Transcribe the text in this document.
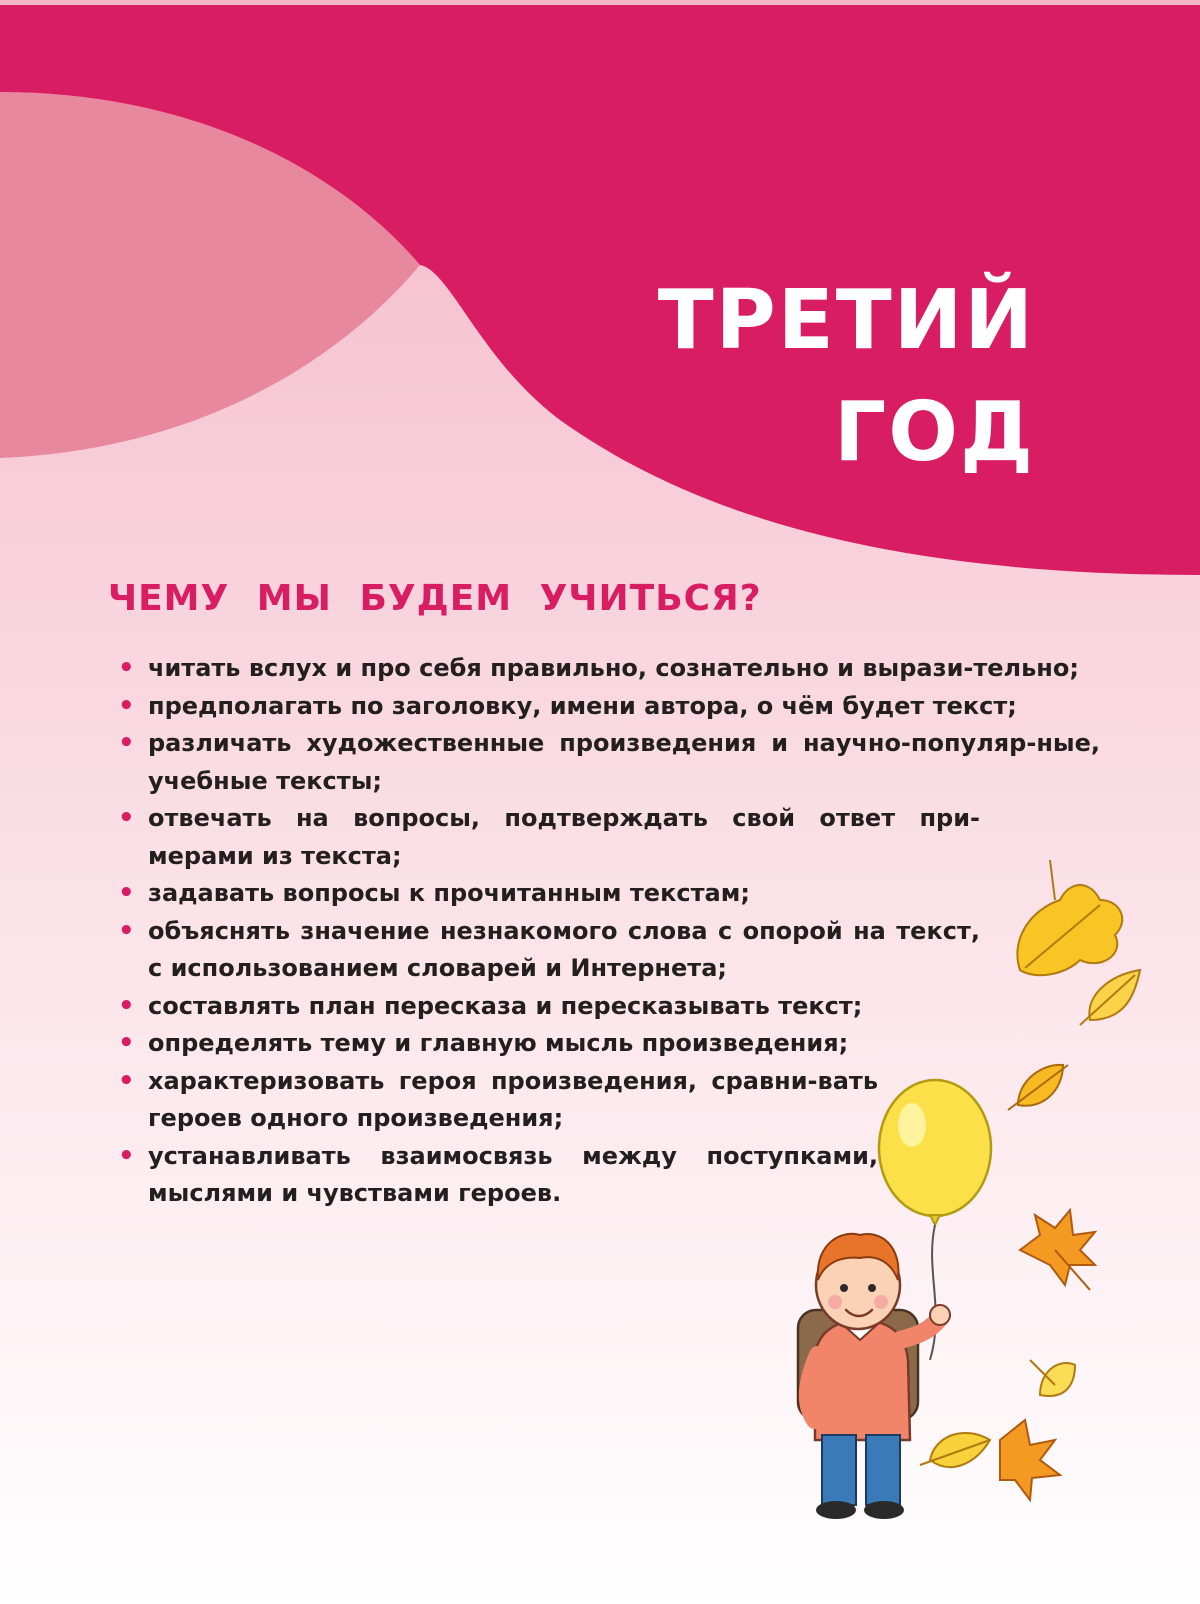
ТРЕТИЙ
ГОД
ЧЕМУ МЫ БУДЕМ УЧИТЬСЯ?
• читать вслух и про себя правильно, сознательно и вырази-тельно;
• предполагать по заголовку, имени автора, о чём будет текст;
• различать художественные произведения и научно-популяр-ные, учебные тексты;
• отвечать на вопросы, подтверждать свой ответ при-мерами из текста;
• задавать вопросы к прочитанным текстам;
• объяснять значение незнакомого слова с опорой на текст, с использованием словарей и Интернета;
• составлять план пересказа и пересказывать текст;
• определять тему и главную мысль произведения;
• характеризовать героя произведения, сравни-вать героев одного произведения;
• устанавливать взаимосвязь между поступками, мыслями и чувствами героев.
